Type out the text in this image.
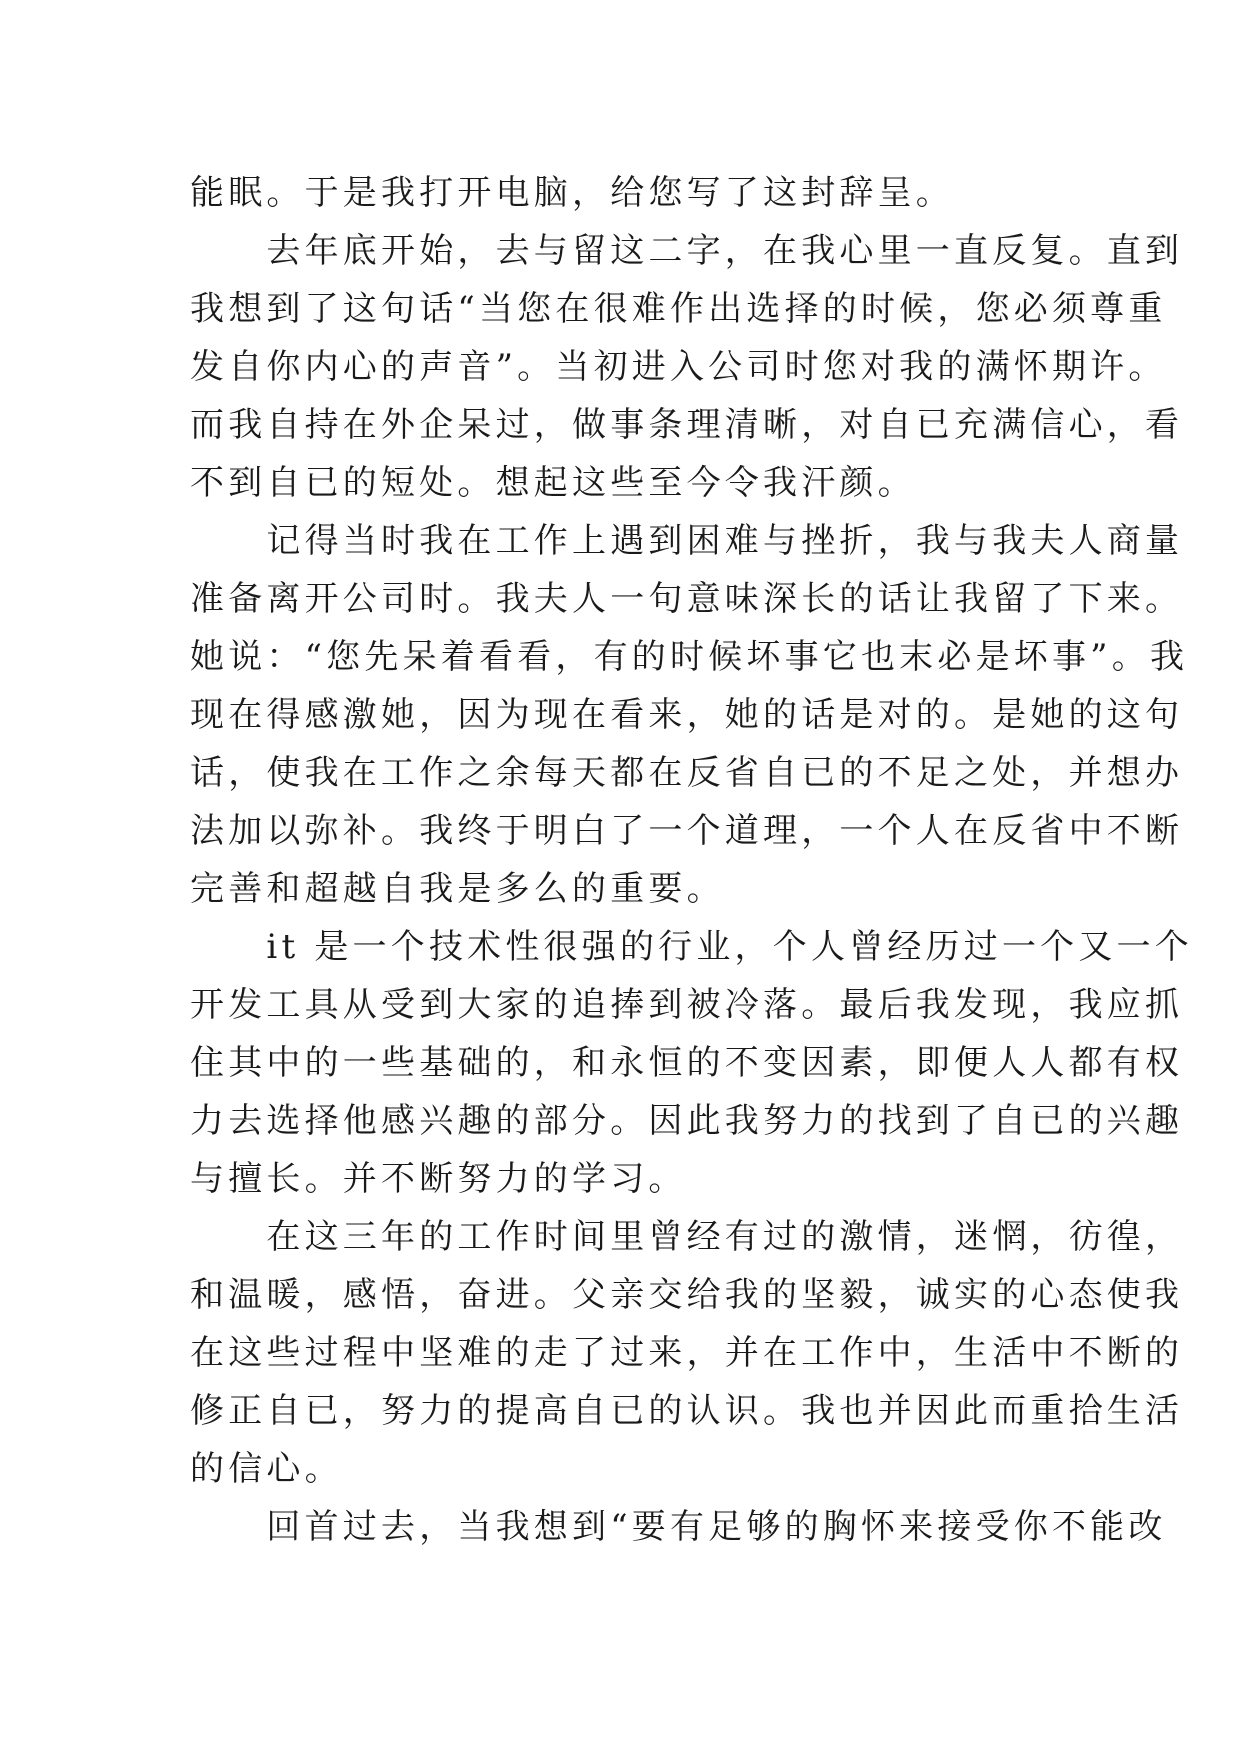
能眠。于是我打开电脑，给您写了这封辞呈。
　　去年底开始，去与留这二字，在我心里一直反复。直到
我想到了这句话“当您在很难作出选择的时候，您必须尊重
发自你内心的声音”。当初进入公司时您对我的满怀期许。
而我自持在外企呆过，做事条理清晰，对自已充满信心，看
不到自已的短处。想起这些至今令我汗颜。
　　记得当时我在工作上遇到困难与挫折，我与我夫人商量
准备离开公司时。我夫人一句意味深长的话让我留了下来。
她说：“您先呆着看看，有的时候坏事它也末必是坏事”。我
现在得感激她，因为现在看来，她的话是对的。是她的这句
话，使我在工作之余每天都在反省自已的不足之处，并想办
法加以弥补。我终于明白了一个道理，一个人在反省中不断
完善和超越自我是多么的重要。
　　it 是一个技术性很强的行业，个人曾经历过一个又一个
开发工具从受到大家的追捧到被冷落。最后我发现，我应抓
住其中的一些基础的，和永恒的不变因素，即便人人都有权
力去选择他感兴趣的部分。因此我努力的找到了自已的兴趣
与擅长。并不断努力的学习。
　　在这三年的工作时间里曾经有过的激情，迷惘，彷徨，
和温暖，感悟，奋进。父亲交给我的坚毅，诚实的心态使我
在这些过程中坚难的走了过来，并在工作中，生活中不断的
修正自已，努力的提高自已的认识。我也并因此而重拾生活
的信心。
　　回首过去，当我想到“要有足够的胸怀来接受你不能改
